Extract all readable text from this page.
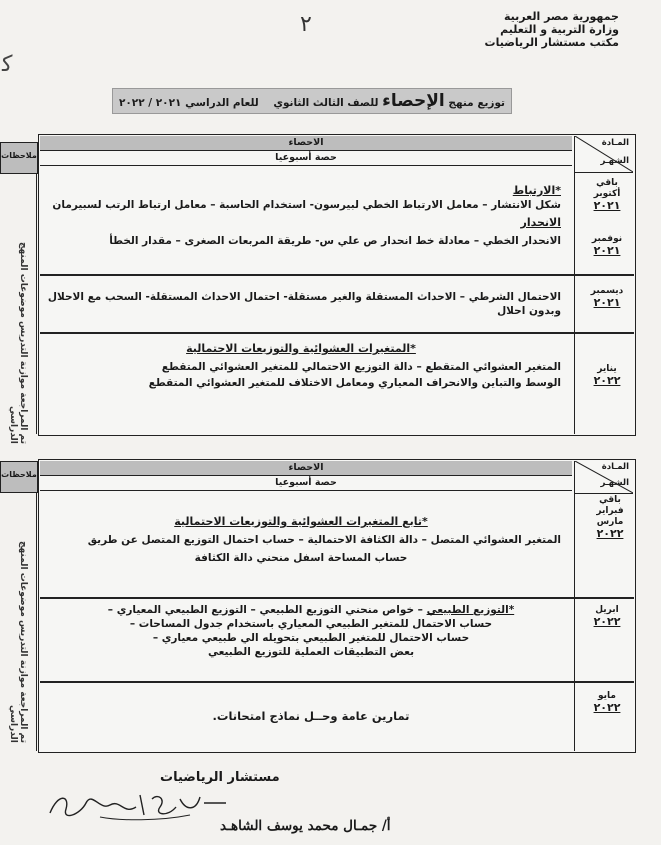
٢	جمهورية مصر العربية
وزارة التربية و التعليم
مكتب مستشار الرياضيات
ﻛ
توزيع منهج الإحصاء للصف الثالث الثانوي    للعام الدراسي ٢٠٢١ / ٢٠٢٢
ملاحظات
تم المراجعة موازنة التدريس موضوعات المنهج الدراسي
الاحصاء
حصة أسبوعيا
المـادة
الشهـر
باقي أكتوبر
٢٠٢١
نوفمبر
٢٠٢١
*الارتباط
شكل الانتشار – معامل الارتباط الخطي لبيرسون- استخدام الحاسبة – معامل ارتباط الرتب لسبيرمان
الانحدار
الانحدار الخطي – معادلة خط انحدار ص علي س- طريقة المربعات الصغرى – مقدار الخطأ
ديسمبر
٢٠٢١
الاحتمال الشرطي – الاحداث المستقلة والغير مستقلة- احتمال الاحداث المستقلة- السحب مع الاحلال
وبدون احلال
يناير ٢٠٢٢
*المتغيرات العشوائية والتوزيعات الاحتمالية
المتغير العشوائي المتقطع – دالة التوزيع الاحتمالي للمتغير العشوائي المتقطع
الوسط والتباين والانحراف المعياري ومعامل الاختلاف للمتغير العشوائي المتقطع
ملاحظات
تم المراجعة موازنة التدريس موضوعات المنهج الدراسي
الاحصاء
حصة أسبوعيا
المـادة
الشهـر
باقي فبراير
مارس
٢٠٢٢
*تابع المتغيرات العشوائية والتوزيعات الاحتمالية
المتغير العشوائي المتصل – دالة الكثافة الاحتمالية – حساب احتمال التوزيع المتصل عن طريق
حساب المساحة اسفل منحني دالة الكثافة
ابريل
٢٠٢٢
*التوزيع الطبيعي – خواص منحني التوزيع الطبيعي – التوزيع الطبيعي المعياري –
حساب الاحتمال للمتغير الطبيعي المعياري باستخدام جدول المساحات –
حساب الاحتمال للمتغير الطبيعي بتحويله الي طبيعي معياري –
بعض التطبيقات العملية للتوزيع الطبيعي
مايو
٢٠٢٢
تمارين عامة وحــل نماذج امتحانات.
مستشار الرياضيات
أ/ جمـال محمد يوسف الشاهـد
